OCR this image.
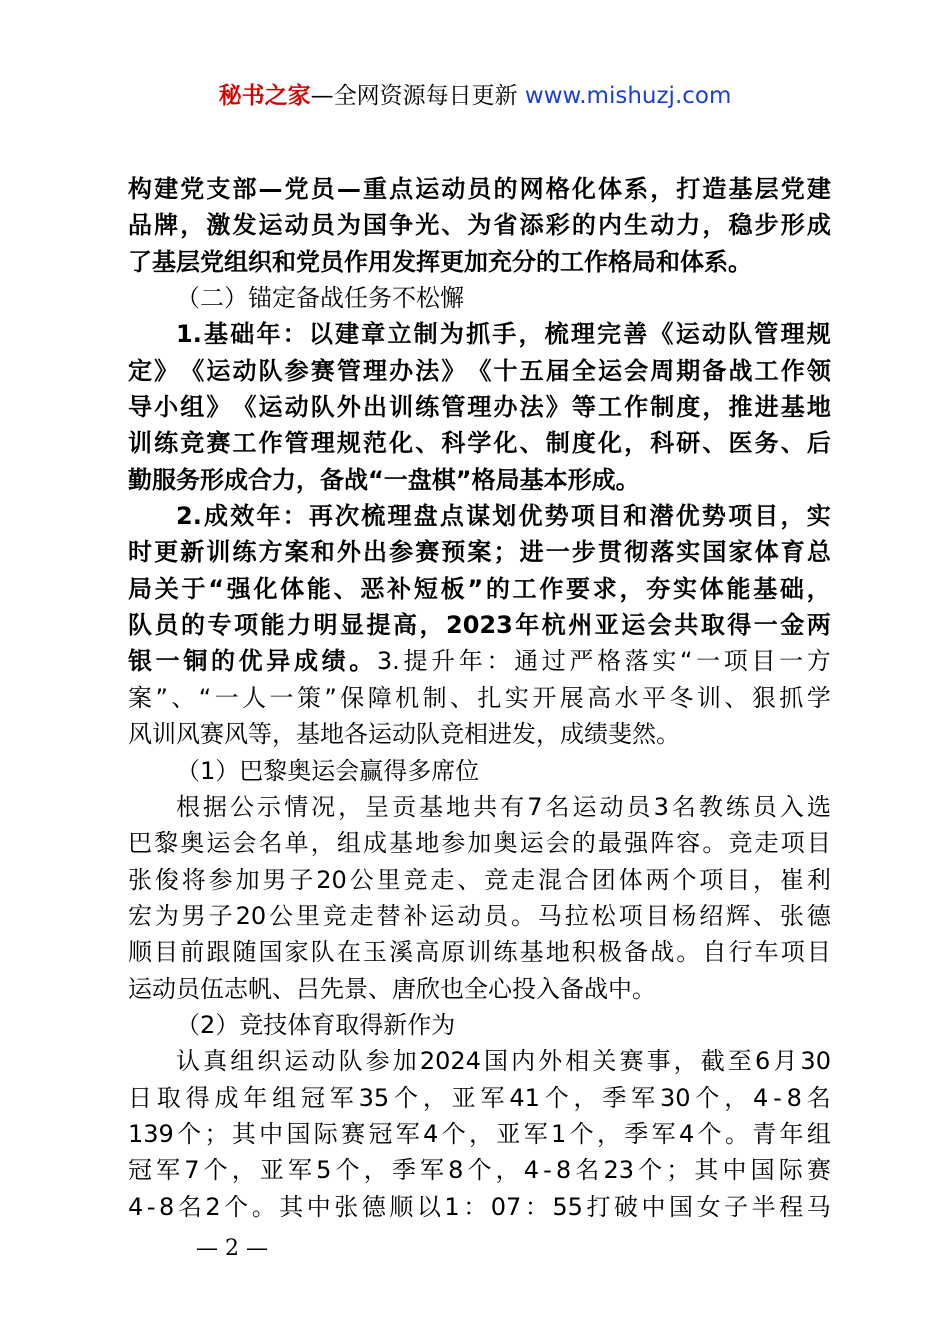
秘书之家—全网资源每日更新 www.mishuzj.com
构 建 党 支 部 — 党 员 — 重 点 运 动 员 的 网 格 化 体 系 ， 打 造 基 层 党 建
品 牌 ， 激 发 运 动 员 为 国 争 光 、 为 省 添 彩 的 内 生 动 力 ， 稳 步 形 成
了 基 层 党 组 织 和 党 员 作 用 发 挥 更 加 充 分 的 工 作 格 局 和 体 系 。
（ 二 ） 锚 定 备 战 任 务 不 松 懈
1. 基 础 年 ： 以 建 章 立 制 为 抓 手 ， 梳 理 完 善 《 运 动 队 管 理 规
定 》 《 运 动 队 参 赛 管 理 办 法 》 《 十 五 届 全 运 会 周 期 备 战 工 作 领
导 小 组 》 《 运 动 队 外 出 训 练 管 理 办 法 》 等 工 作 制 度 ， 推 进 基 地
训 练 竞 赛 工 作 管 理 规 范 化 、 科 学 化 、 制 度 化 ， 科 研 、 医 务 、 后
勤 服 务 形 成 合 力 ， 备 战 “ 一 盘 棋 ” 格 局 基 本 形 成 。
2. 成 效 年 ： 再 次 梳 理 盘 点 谋 划 优 势 项 目 和 潜 优 势 项 目 ， 实
时 更 新 训 练 方 案 和 外 出 参 赛 预 案 ； 进 一 步 贯 彻 落 实 国 家 体 育 总
局 关 于 “ 强 化 体 能 、 恶 补 短 板 ” 的 工 作 要 求 ， 夯 实 体 能 基 础 ，
队 员 的 专 项 能 力 明 显 提 高 ， 2023 年 杭 州 亚 运 会 共 取 得 一 金 两
银 一 铜 的 优 异 成 绩 。 3. 提 升 年 ： 通 过 严 格 落 实 “ 一 项 目 一 方
案 ” 、 “ 一 人 一 策 ” 保 障 机 制 、 扎 实 开 展 高 水 平 冬 训 、 狠 抓 学
风 训 风 赛 风 等 ， 基 地 各 运 动 队 竞 相 进 发 ， 成 绩 斐 然 。
（ 1 ） 巴 黎 奥 运 会 赢 得 多 席 位
根 据 公 示 情 况 ， 呈 贡 基 地 共 有 7 名 运 动 员 3 名 教 练 员 入 选
巴 黎 奥 运 会 名 单 ， 组 成 基 地 参 加 奥 运 会 的 最 强 阵 容 。 竞 走 项 目
张 俊 将 参 加 男 子 20 公 里 竞 走 、 竞 走 混 合 团 体 两 个 项 目 ， 崔 利
宏 为 男 子 20 公 里 竞 走 替 补 运 动 员 。 马 拉 松 项 目 杨 绍 辉 、 张 德
顺 目 前 跟 随 国 家 队 在 玉 溪 高 原 训 练 基 地 积 极 备 战 。 自 行 车 项 目
运 动 员 伍 志 帆 、 吕 先 景 、 唐 欣 也 全 心 投 入 备 战 中 。
（ 2 ） 竞 技 体 育 取 得 新 作 为
认 真 组 织 运 动 队 参 加 2024 国 内 外 相 关 赛 事 ， 截 至 6 月 30
日 取 得 成 年 组 冠 军 35 个 ， 亚 军 41 个 ， 季 军 30 个 ， 4 - 8 名
139 个 ； 其 中 国 际 赛 冠 军 4 个 ， 亚 军 1 个 ， 季 军 4 个 。 青 年 组
冠 军 7 个 ， 亚 军 5 个 ， 季 军 8 个 ， 4 - 8 名 23 个 ； 其 中 国 际 赛
4 - 8 名 2 个 。 其 中 张 德 顺 以 1 ： 07 ： 55 打 破 中 国 女 子 半 程 马
— 2 —
